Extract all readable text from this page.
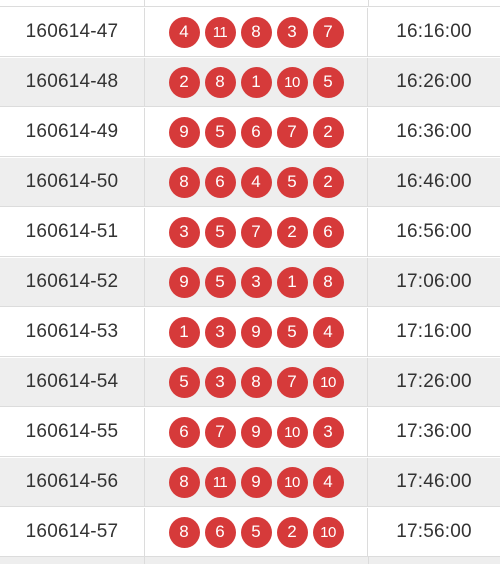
160614-47	4	11	8	3	7	16:16:00
160614-48	2	8	1	10	5	16:26:00
160614-49	9	5	6	7	2	16:36:00
160614-50	8	6	4	5	2	16:46:00
160614-51	3	5	7	2	6	16:56:00
160614-52	9	5	3	1	8	17:06:00
160614-53	1	3	9	5	4	17:16:00
160614-54	5	3	8	7	10	17:26:00
160614-55	6	7	9	10	3	17:36:00
160614-56	8	11	9	10	4	17:46:00
160614-57	8	6	5	2	10	17:56:00
